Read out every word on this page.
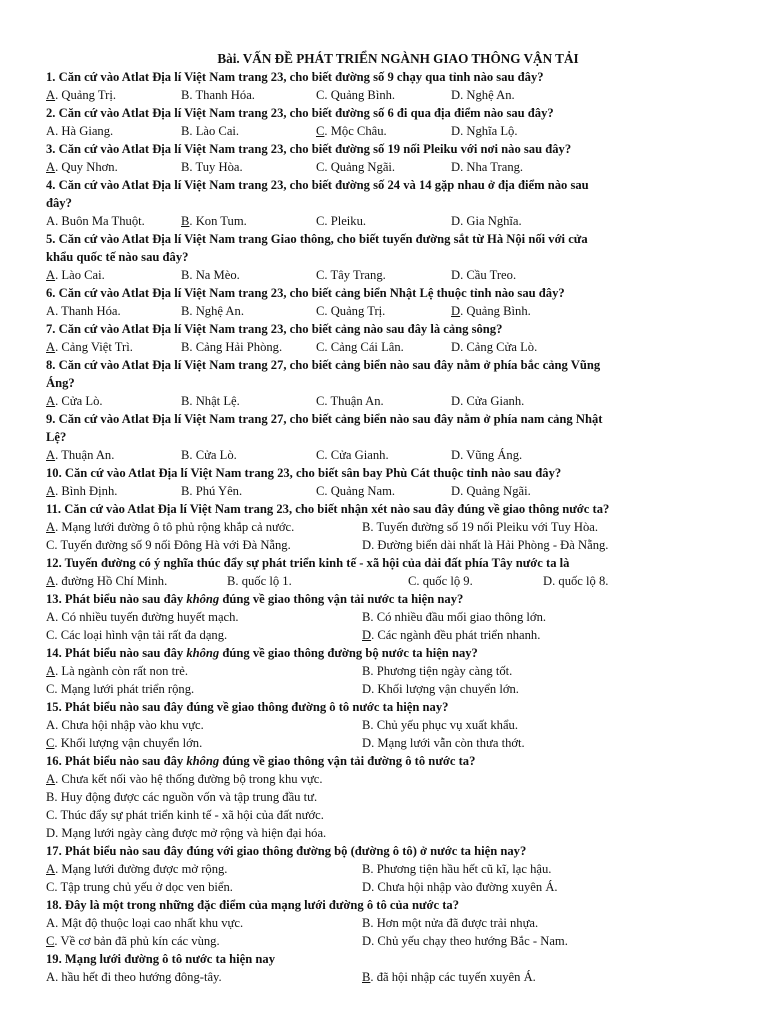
Bài. VẤN ĐỀ PHÁT TRIỂN NGÀNH GIAO THÔNG VẬN TẢI
1. Căn cứ vào Atlat Địa lí Việt Nam trang 23, cho biết đường số 9 chạy qua tỉnh nào sau đây?
A. Quảng Trị.	B. Thanh Hóa.	C. Quảng Bình.	D. Nghệ An.
2. Căn cứ vào Atlat Địa lí Việt Nam trang 23, cho biết đường số 6 đi qua địa điểm nào sau đây?
A. Hà Giang.	B. Lào Cai.	C. Mộc Châu.	D. Nghĩa Lộ.
3. Căn cứ vào Atlat Địa lí Việt Nam trang 23, cho biết đường số 19 nối Pleiku với nơi nào sau đây?
A. Quy Nhơn.	B. Tuy Hòa.	C. Quảng Ngãi.	D. Nha Trang.
4. Căn cứ vào Atlat Địa lí Việt Nam trang 23, cho biết đường số 24 và 14 gặp nhau ở địa điểm nào sau
đây?
A. Buôn Ma Thuột.	B. Kon Tum.	C. Pleiku.	D. Gia Nghĩa.
5. Căn cứ vào Atlat Địa lí Việt Nam trang Giao thông, cho biết tuyến đường sắt từ Hà Nội nối với cửa
khẩu quốc tế nào sau đây?
A. Lào Cai.	B. Na Mèo.	C. Tây Trang.	D. Cầu Treo.
6. Căn cứ vào Atlat Địa lí Việt Nam trang 23, cho biết cảng biển Nhật Lệ thuộc tỉnh nào sau đây?
A. Thanh Hóa.	B. Nghệ An.	C. Quảng Trị.	D. Quảng Bình.
7. Căn cứ vào Atlat Địa lí Việt Nam trang 23, cho biết cảng nào sau đây là cảng sông?
A. Cảng Việt Trì.	B. Cảng Hải Phòng.	C. Cảng Cái Lân.	D. Cảng Cửa Lò.
8. Căn cứ vào Atlat Địa lí Việt Nam trang 27, cho biết cảng biển nào sau đây nằm ở phía bắc cảng Vũng
Áng?
A. Cửa Lò.	B. Nhật Lệ.	C. Thuận An.	D. Cửa Gianh.
9. Căn cứ vào Atlat Địa lí Việt Nam trang 27, cho biết cảng biển nào sau đây nằm ở phía nam cảng Nhật
Lệ?
A. Thuận An.	B. Cửa Lò.	C. Cửa Gianh.	D. Vũng Áng.
10. Căn cứ vào Atlat Địa lí Việt Nam trang 23, cho biết sân bay Phù Cát thuộc tỉnh nào sau đây?
A. Bình Định.	B. Phú Yên.	C. Quảng Nam.	D. Quảng Ngãi.
11. Căn cứ vào Atlat Địa lí Việt Nam trang 23, cho biết nhận xét nào sau đây đúng về giao thông nước ta?
A. Mạng lưới đường ô tô phủ rộng khắp cả nước.	B. Tuyến đường số 19 nối Pleiku với Tuy Hòa.
C. Tuyến đường số 9 nối Đông Hà với Đà Nẵng.	D. Đường biển dài nhất là Hải Phòng - Đà Nẵng.
12. Tuyến đường có ý nghĩa thúc đẩy sự phát triển kinh tế - xã hội của dải đất phía Tây nước ta là
A. đường Hồ Chí Minh.	B. quốc lộ 1.	C. quốc lộ 9.	D. quốc lộ 8.
13. Phát biểu nào sau đây không đúng về giao thông vận tải nước ta hiện nay?
A. Có nhiều tuyến đường huyết mạch.	B. Có nhiều đầu mối giao thông lớn.
C. Các loại hình vận tải rất đa dạng.	D. Các ngành đều phát triển nhanh.
14. Phát biểu nào sau đây không đúng về giao thông đường bộ nước ta hiện nay?
A. Là ngành còn rất non trẻ.	B. Phương tiện ngày càng tốt.
C. Mạng lưới phát triển rộng.	D. Khối lượng vận chuyển lớn.
15. Phát biểu nào sau đây đúng về giao thông đường ô tô nước ta hiện nay?
A. Chưa hội nhập vào khu vực.	B. Chủ yếu phục vụ xuất khẩu.
C. Khối lượng vận chuyển lớn.	D. Mạng lưới vẫn còn thưa thớt.
16. Phát biểu nào sau đây không đúng về giao thông vận tải đường ô tô nước ta?
A. Chưa kết nối vào hệ thống đường bộ trong khu vực.
B. Huy động được các nguồn vốn và tập trung đầu tư.
C. Thúc đẩy sự phát triển kinh tế - xã hội của đất nước.
D. Mạng lưới ngày càng được mở rộng và hiện đại hóa.
17. Phát biểu nào sau đây đúng với giao thông đường bộ (đường ô tô) ở nước ta hiện nay?
A. Mạng lưới đường được mở rộng.	B. Phương tiện hầu hết cũ kĩ, lạc hậu.
C. Tập trung chủ yếu ở dọc ven biển.	D. Chưa hội nhập vào đường xuyên Á.
18. Đây là một trong những đặc điểm của mạng lưới đường ô tô của nước ta?
A. Mật độ thuộc loại cao nhất khu vực.	B. Hơn một nửa đã được trải nhựa.
C. Về cơ bản đã phủ kín các vùng.	D. Chủ yếu chạy theo hướng Bắc - Nam.
19. Mạng lưới đường ô tô nước ta hiện nay
A. hầu hết đi theo hướng đông-tây.	B. đã hội nhập các tuyến xuyên Á.
